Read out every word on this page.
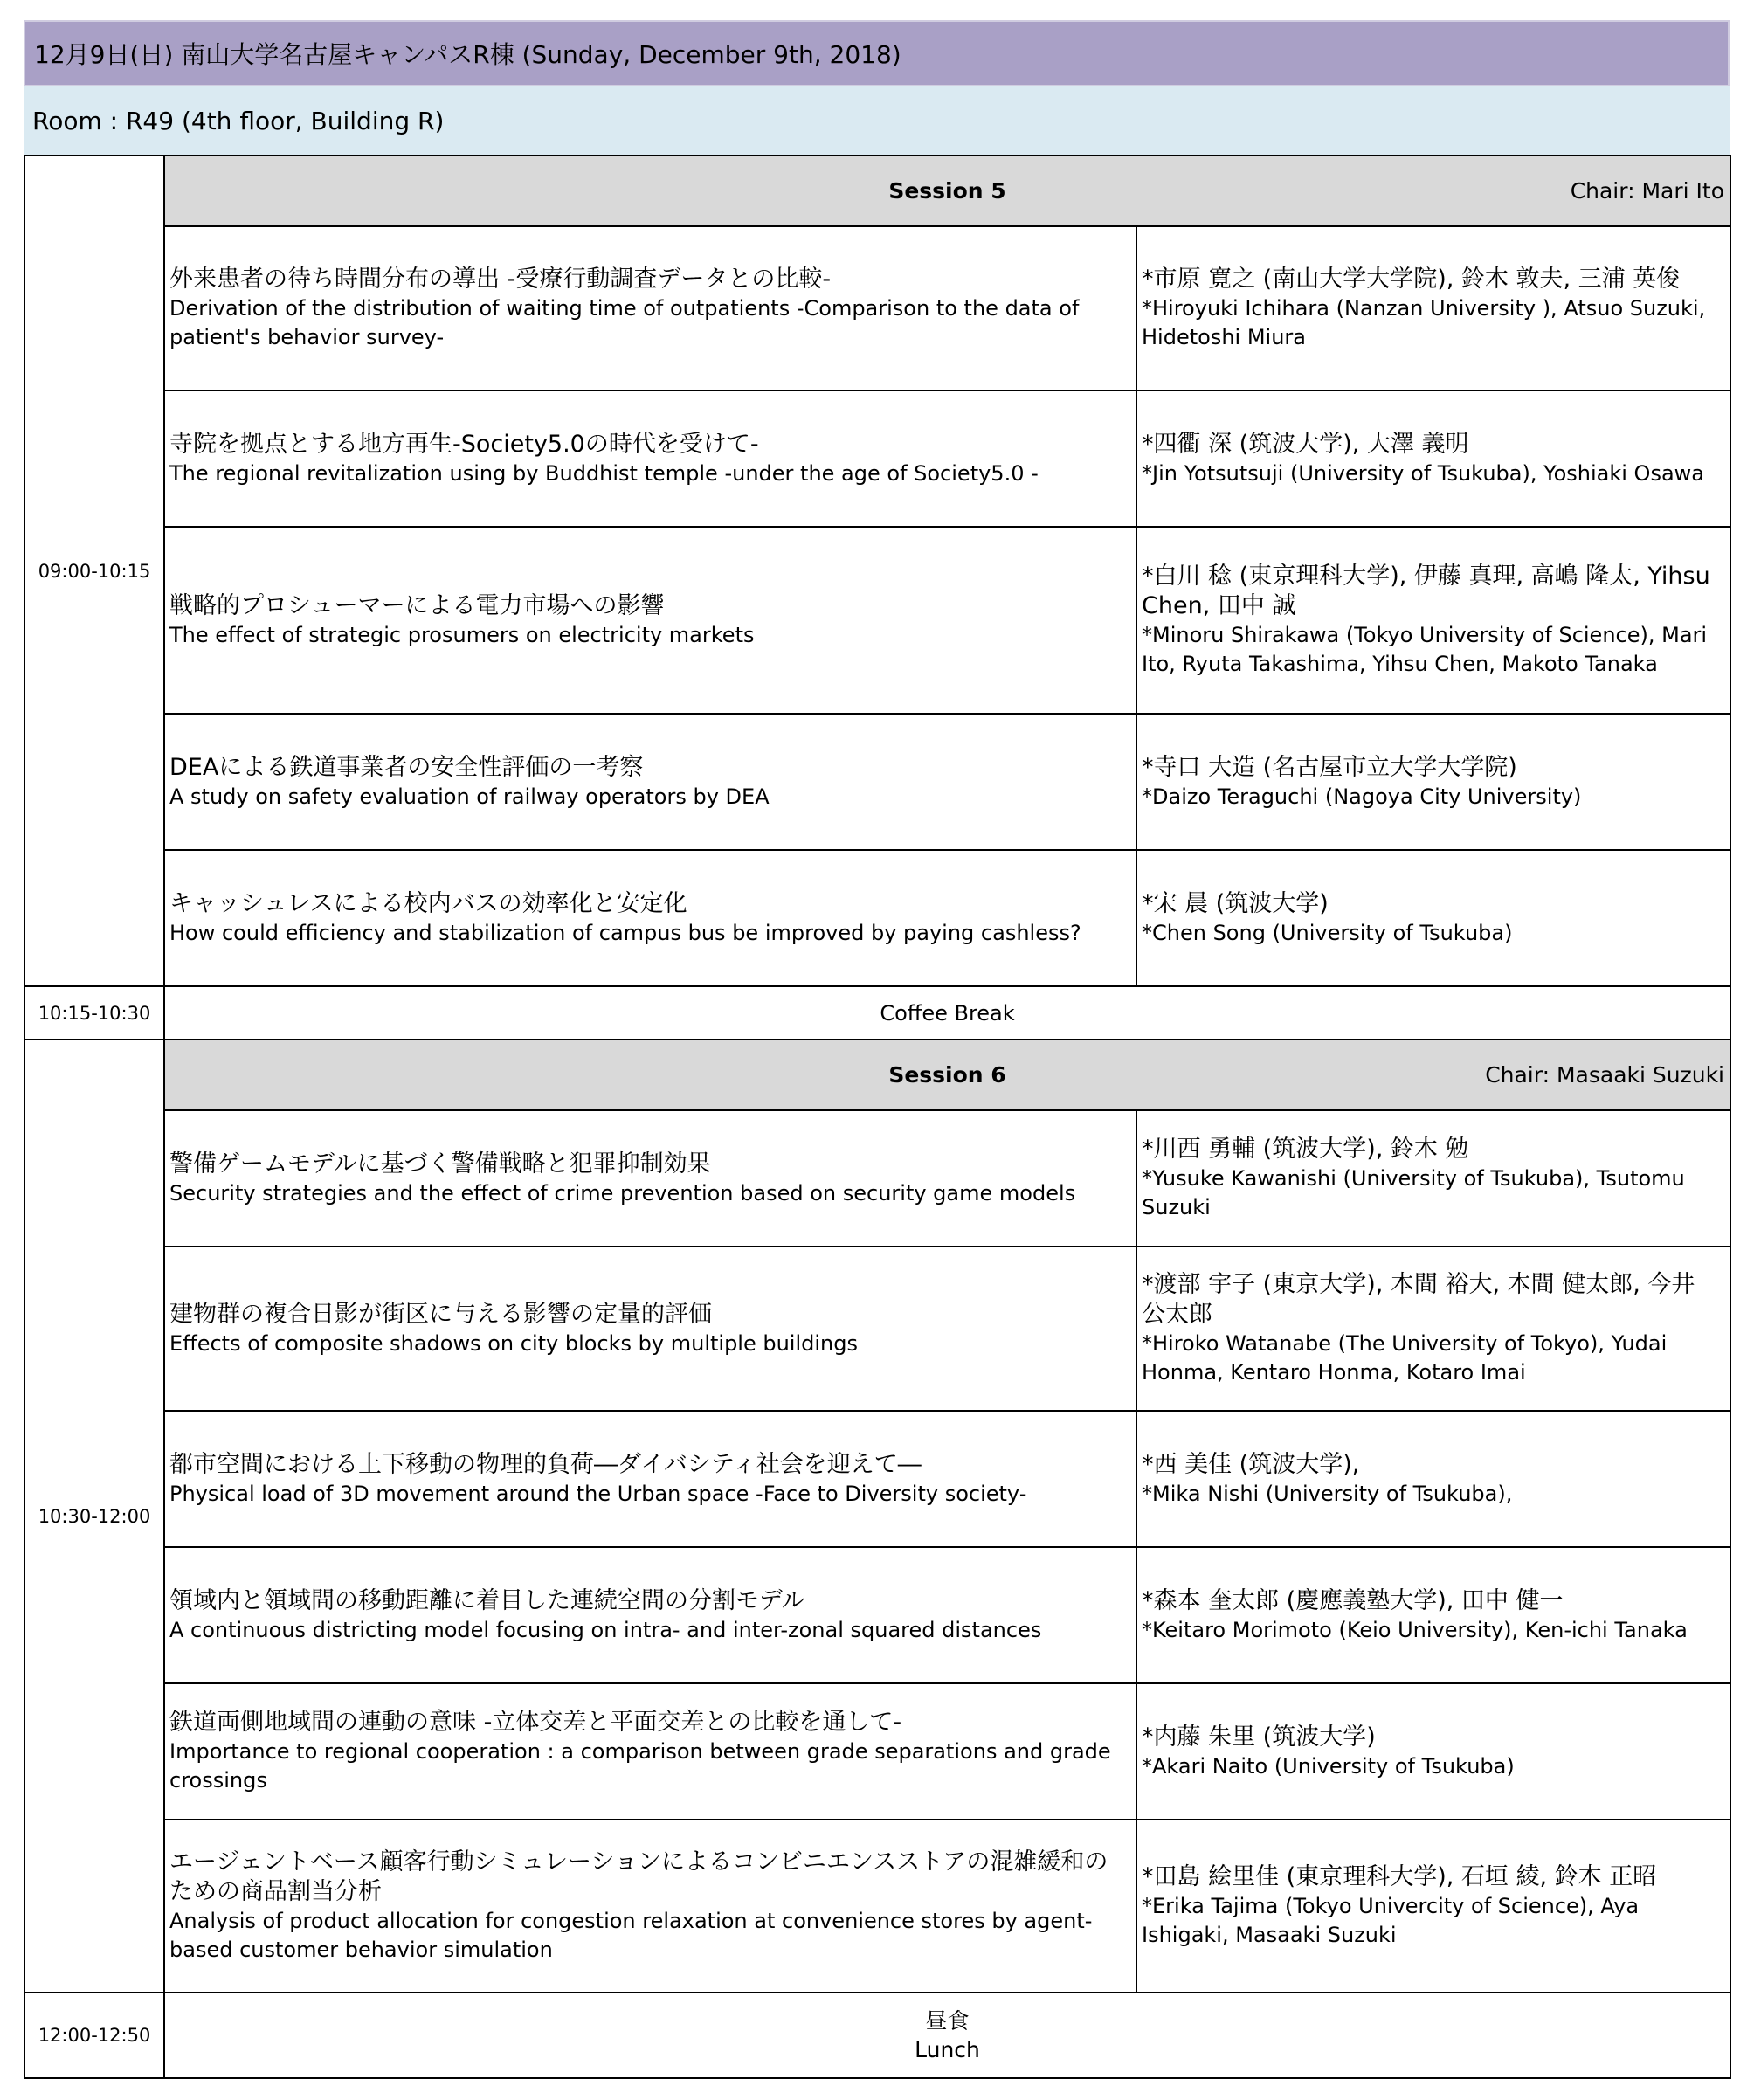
12月9日(日) 南山大学名古屋キャンパスR棟 (Sunday, December 9th, 2018)
Room : R49 (4th floor, Building R)
09:00-10:15	Session 5 Chair: Mari Ito	

	外来患者の待ち時間分布の導出 -受療行動調査データとの比較-
Derivation of the distribution of waiting time of outpatients -Comparison to the data of patient's behavior survey-	*市原 寛之 (南山大学大学院), 鈴木 敦夫, 三浦 英俊
*Hiroyuki Ichihara (Nanzan University ), Atsuo Suzuki, Hidetoshi Miura

	寺院を拠点とする地方再生-Society5.0の時代を受けて-
The regional revitalization using by Buddhist temple -under the age of Society5.0 -	*四衢 深 (筑波大学), 大澤 義明
*Jin Yotsutsuji (University of Tsukuba), Yoshiaki Osawa

	戦略的プロシューマーによる電力市場への影響
The effect of strategic prosumers on electricity markets	*白川 稔 (東京理科大学), 伊藤 真理, 高嶋 隆太, Yihsu Chen, 田中 誠
*Minoru Shirakawa (Tokyo University of Science), Mari Ito, Ryuta Takashima, Yihsu Chen, Makoto Tanaka

	DEAによる鉄道事業者の安全性評価の一考察
A study on safety evaluation of railway operators by DEA	*寺口 大造 (名古屋市立大学大学院)
*Daizo Teraguchi (Nagoya City University)

	キャッシュレスによる校内バスの効率化と安定化
How could efficiency and stabilization of campus bus be improved by paying cashless?	*宋 晨 (筑波大学)
*Chen Song (University of Tsukuba)

10:15-10:30	Coffee Break	
10:30-12:00	Session 6 Chair: Masaaki Suzuki	

	警備ゲームモデルに基づく警備戦略と犯罪抑制効果
Security strategies and the effect of crime prevention based on security game models	*川西 勇輔 (筑波大学), 鈴木 勉
*Yusuke Kawanishi (University of Tsukuba), Tsutomu Suzuki

	建物群の複合日影が街区に与える影響の定量的評価
Effects of composite shadows on city blocks by multiple buildings	*渡部 宇子 (東京大学), 本間 裕大, 本間 健太郎, 今井 公太郎
*Hiroko Watanabe (The University of Tokyo), Yudai Honma, Kentaro Honma, Kotaro Imai

	都市空間における上下移動の物理的負荷―ダイバシティ社会を迎えて―
Physical load of 3D movement around the Urban space -Face to Diversity society-	*西 美佳 (筑波大学),
*Mika Nishi (University of Tsukuba),

	領域内と領域間の移動距離に着目した連続空間の分割モデル
A continuous districting model focusing on intra- and inter-zonal squared distances	*森本 奎太郎 (慶應義塾大学), 田中 健一
*Keitaro Morimoto (Keio University), Ken-ichi Tanaka

	鉄道両側地域間の連動の意味 -立体交差と平面交差との比較を通して-
Importance to regional cooperation : a comparison between grade separations and grade crossings	*内藤 朱里 (筑波大学)
*Akari Naito (University of Tsukuba)

	エージェントベース顧客行動シミュレーションによるコンビニエンスストアの混雑緩和のための商品割当分析
Analysis of product allocation for congestion relaxation at convenience stores by agent-based customer behavior simulation	*田島 絵里佳 (東京理科大学), 石垣 綾, 鈴木 正昭
*Erika Tajima (Tokyo Univercity of Science), Aya Ishigaki, Masaaki Suzuki

12:00-12:50	昼食
Lunch	
